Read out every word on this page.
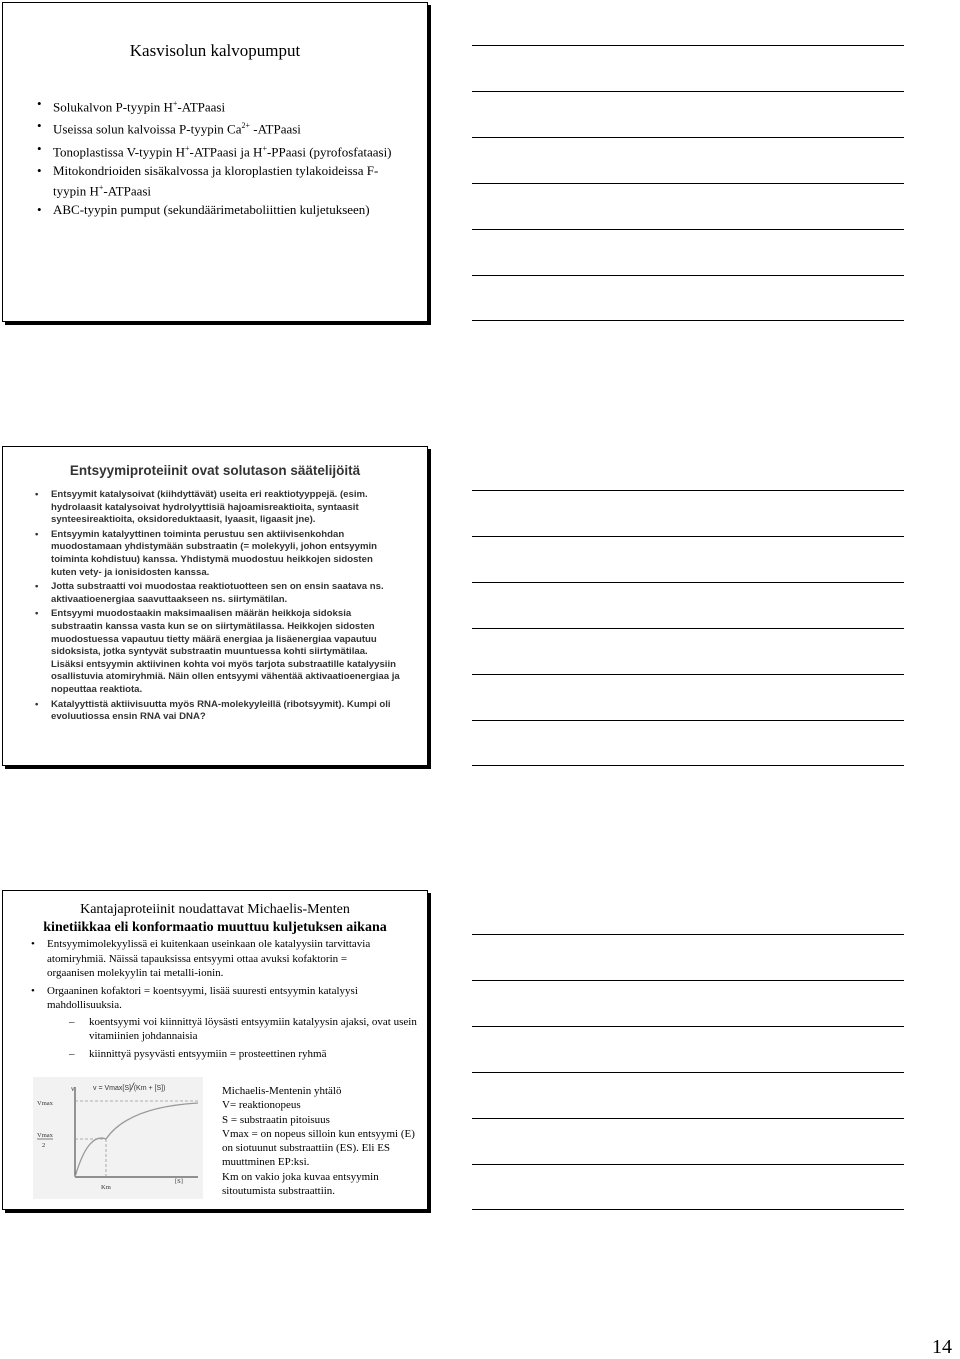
Kasvisolun kalvopumput
• Solukalvon P-tyypin H+-ATPaasi
• Useissa solun kalvoissa P-tyypin $Ca^{2+}$ -ATPaasi
• Tonoplastissa V-tyypin H+-ATPaasi ja H+-PPaasi (pyrofosfataasi)
• Mitokondrioiden sisäkalvossa ja kloroplastien tylakoideissa F-tyypin H+-ATPaasi
• ABC-tyypin pumput (sekundäärimetaboliittien kuljetukseen)
Entsyymiproteiinit ovat solutason säätelijöitä
• Entsyymit katalysoivat (kiihdyttävät) useita eri reaktiotyyppejä. (esim. hydrolaasit katalysoivat hydrolyyttisiä hajoamisreaktioita, syntaasit synteesireaktioita, oksidoreduktaasit, lyaasit, ligaasit jne).
• Entsyymin katalyyttinen toiminta perustuu sen aktiivisenkohdan muodostamaan yhdistymään substraatin (= molekyyli, johon entsyymin toiminta kohdistuu) kanssa. Yhdistymä muodostuu heikkojen sidosten kuten vety- ja ionisidosten kanssa.
• Jotta substraatti voi muodostaa reaktiotuotteen sen on ensin saatava ns. aktivaatioenergiaa saavuttaakseen ns. siirtymätilan.
• Entsyymi muodostaakin maksimaalisen määrän heikkoja sidoksia substraatin kanssa vasta kun se on siirtymätilassa. Heikkojen sidosten muodostuessa vapautuu tietty määrä energiaa ja lisäenergiaa vapautuu sidoksista, jotka syntyvät substraatin muuntuessa kohti siirtymätilaa. Lisäksi entsyymin aktiivinen kohta voi myös tarjota substraatille katalyysiin osallistuvia atomiryhmiä. Näin ollen entsyymi vähentää aktivaatioenergiaa ja nopeuttaa reaktiota.
• Katalyyttistä aktiivisuutta myös RNA-molekyyleillä (ribotsyymit). Kumpi oli evoluutiossa ensin RNA vai DNA?
Kantajaproteiinit noudattavat Michaelis-Menten
kinetiikkaa eli konformaatio muuttuu kuljetuksen aikana
• Entsyymimolekyylissä ei kuitenkaan useinkaan ole katalyysiin tarvittavia atomiryhmiä. Näissä tapauksissa entsyymi ottaa avuksi kofaktorin = orgaanisen molekyylin tai metalli-ionin.
• Orgaaninen kofaktori = koentsyymi, lisää suuresti entsyymin katalyysi mahdollisuuksia.
– koentsyymi voi kiinnittyä löysästi entsyymiin katalyysin ajaksi, ovat usein vitamiinien johdannaisia
– kiinnittyä pysyvästi entsyymiin = prosteettinen ryhmä
v	v = Vmax[S]/(Km + [S])
Vmax
Vmax
2
Km
[S]
Michaelis-Mentenin yhtälö
V= reaktionopeus
S = substraatin pitoisuus
Vmax = on nopeus silloin kun entsyymi (E) on siotuunut substraattiin (ES). Eli ES muuttminen EP:ksi.
Km on vakio joka kuvaa entsyymin sitoutumista substraattiin.
14
